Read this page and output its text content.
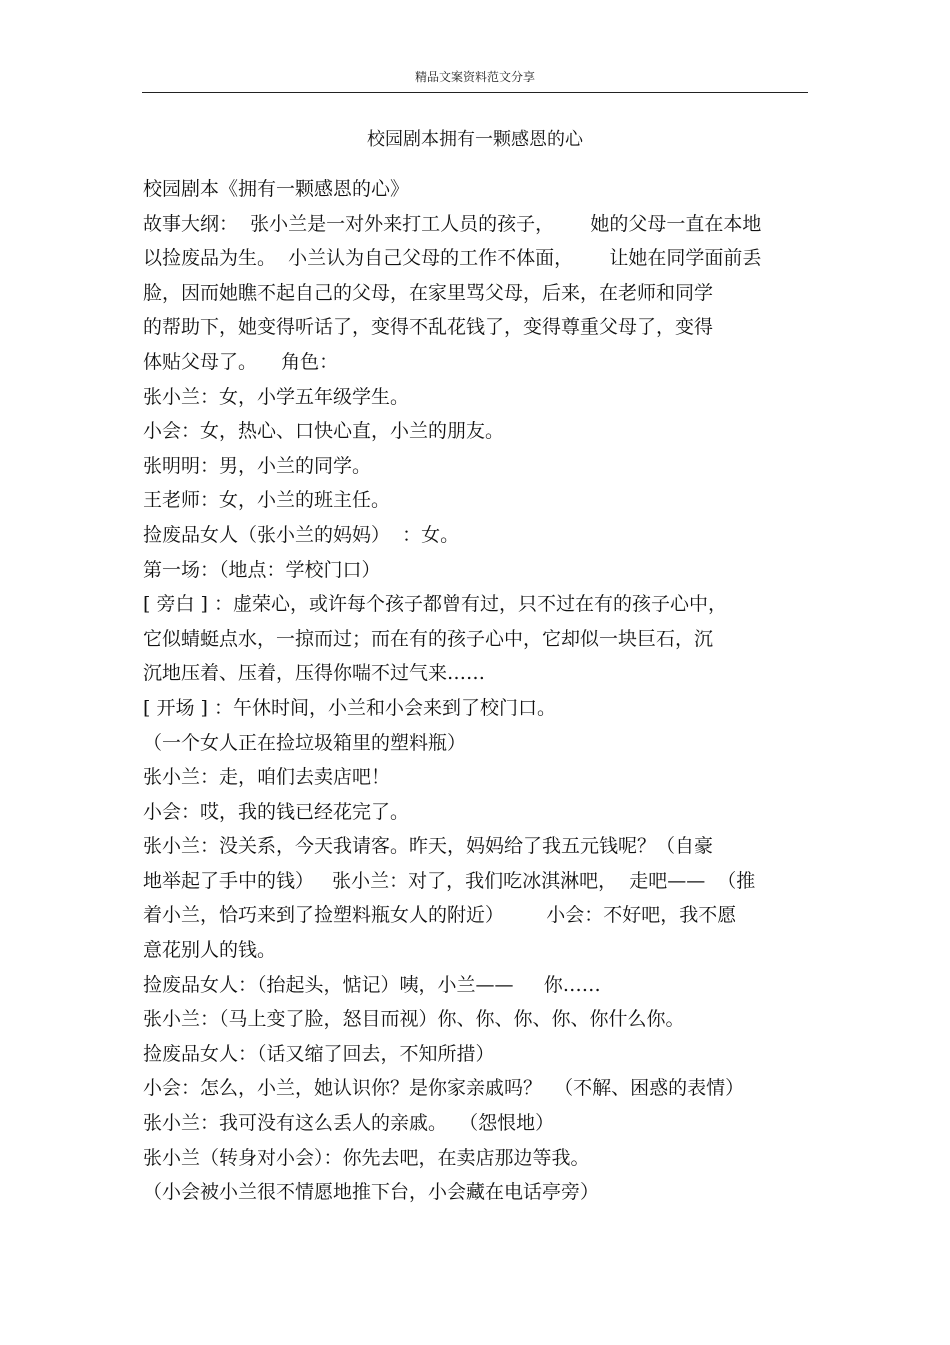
精品文案资料范文分享
校园剧本拥有一颗感恩的心
校园剧本《拥有一颗感恩的心》
故事大纲：  张小兰是一对外来打工人员的孩子，      她的父母一直在本地
以捡废品为生。  小兰认为自己父母的工作不体面，      让她在同学面前丢
脸，因而她瞧不起自己的父母，在家里骂父母，后来，在老师和同学
的帮助下，她变得听话了，变得不乱花钱了，变得尊重父母了，变得
体贴父母了。    角色：
张小兰：女，小学五年级学生。
小会：女，热心、口快心直，小兰的朋友。
张明明：男，小兰的同学。
王老师：女，小兰的班主任。
捡废品女人（张小兰的妈妈）  ：女。
第一场：（地点：学校门口）
[ 旁白 ] ：虚荣心，或许每个孩子都曾有过，只不过在有的孩子心中，
它似蜻蜓点水，一掠而过；而在有的孩子心中，它却似一块巨石，沉
沉地压着、压着，压得你喘不过气来……
[ 开场 ] ：午休时间，小兰和小会来到了校门口。
（一个女人正在捡垃圾箱里的塑料瓶）
张小兰：走，咱们去卖店吧！
小会：哎，我的钱已经花完了。
张小兰：没关系，今天我请客。昨天，妈妈给了我五元钱呢？（自豪
地举起了手中的钱）   张小兰：对了，我们吃冰淇淋吧，  走吧——  （推
着小兰，恰巧来到了捡塑料瓶女人的附近）       小会：不好吧，我不愿
意花别人的钱。
捡废品女人：（抬起头，惦记）咦，小兰——     你……
张小兰：（马上变了脸，怒目而视）你、你、你、你、你什么你。
捡废品女人：（话又缩了回去，不知所措）
小会：怎么，小兰，她认识你？是你家亲戚吗？  （不解、困惑的表情）
张小兰：我可没有这么丢人的亲戚。  （怨恨地）
张小兰（转身对小会）：你先去吧，在卖店那边等我。
（小会被小兰很不情愿地推下台，小会藏在电话亭旁）
